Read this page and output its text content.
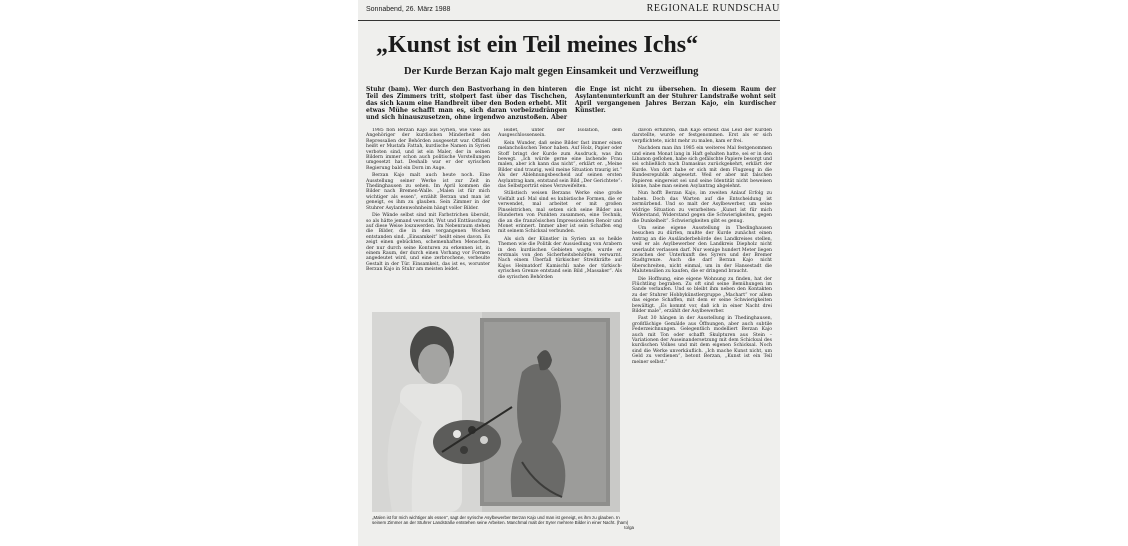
Sonnabend, 26. März 1988	REGIONALE RUNDSCHAU
„Kunst ist ein Teil meines Ichs“
Der Kurde Berzan Kajo malt gegen Einsamkeit und Verzweiflung
Stuhr (bam). Wer durch den Bastvorhang in den hinteren Teil des Zimmers tritt, stolpert fast über das Tischchen, das sich kaum eine Handbreit über den Boden erhebt. Mit etwas Mühe schafft man es, sich daran vorbeizudrängen und sich hinauszusetzen, ohne irgendwo anzustoßen. Aber die Enge ist nicht zu übersehen. In diesem Raum der Asylantenunterkunft an der Stuhrer Landstraße wohnt seit April vergangenen Jahres Berzan Kajo, ein kurdischer Künstler.

1985 floh Berzan Kajo aus Syrien, wie viele als Angehöriger der kurdischen Minderheit den Repressalien der Behörden ausgesetzt war. Offiziell heißt er Mustafa Fattah, kurdische Namen in Syrien verboten sind, und ist ein Maler, der in seinen Bildern immer schon auch politische Vorstellungen umgesetzt hat. Deshalb war er der syrischen Regierung bald ein Dorn im Auge.

Berzan Kajo malt auch heute noch. Eine Ausstellung seiner Werke ist zur Zeit in Thedinghausen zu sehen. Im April kommen die Bilder nach Bremen-Walle. „Malen ist für mich wichtiger als essen“, erzählt Berzan und man ist geneigt, es ihm zu glauben. Sein Zimmer in der Stuhrer Asylantenwohnheim hängt voller Bilder.

Die Wände selbst sind mit Farbstrichen übersät, so als hätte jemand versucht, Wut und Enttäuschung auf diese Weise loszuwerden. Im Nebenraum stehen die Bilder, die in den vergangenen Wochen entstanden sind. „Einsamkeit“ heißt eines davon. Es zeigt einen gebückten, schemenhaften Menschen, der nur durch seine Konturen zu erkennen ist, in einem Raum, der durch einen Vorhang vor Formen angedeutet wird, und eine zerbrochene, verbeulte Gestalt in der Tür. Einsamkeit, das ist es, worunter Berzan Kajo in Stuhr am meisten leidet.

leidet, unter der Isolation, dem Ausgeschlossensein.

Kein Wunder, daß seine Bilder fast immer einen melancholischen Tenor haben. Auf Holz, Papier oder Stoff bringt der Kurde zum Ausdruck, was ihn bewegt. „Ich würde gerne eine lachende Frau malen, aber ich kann das nicht“, erklärt er. „Meine Bilder sind traurig, weil meine Situation traurig ist.“ Als der Ablehnungsbescheid auf seinen ersten Asylantrag kam, entstand sein Bild „Der Gerichtete“: das Selbstporträt eines Verzweifelten.

Stilistisch weisen Berzans Werke eine große Vielfalt auf: Mal sind es kubistische Formen, die er verwendet, mal arbeitet er mit großen Pinselstrichen, mal setzen sich seine Bilder aus Hunderten von Punkten zusammen, eine Technik, die an die französischen Impressionisten Renoir und Monet erinnert. Immer aber ist sein Schaffen eng mit seinem Schicksal verbunden.

Als sich der Künstler in Syrien an so heikle Themen wie die Politik der Aussiedlung von Arabern in den kurdischen Gebieten wagte, wurde er erstmals von den Sicherheitsbehörden verwarnt. Nach einem Überfall türkischer Streitkräfte auf Kajos Heimatdorf Kamischli nahe der türkisch-syrischen Grenze entstand sein Bild „Massaker“. Als die syrischen Behörden

davon erfuhren, daß Kajo erneut das Leid der Kurden darstellte, wurde er festgenommen. Erst als er sich verpflichtete, nicht mehr zu malen, kam er frei.

Nachdem man ihn 1985 ein weiteres Mal festgenommen und einen Monat lang in Haft gehalten hatte, sei er in den Libanon geflohen, habe sich gefälschte Papiere besorgt und sei schließlich nach Damaskus zurückgekehrt, erklärt der Kurde. Von dort habe er sich mit dem Flugzeug in die Bundesrepublik abgesetzt. Weil er aber mit falschen Papieren eingereist sei und seine Identität nicht beweisen könne, habe man seinen Asylantrag abgelehnt.

Nun hofft Berzan Kajo, im zweiten Anlauf Erfolg zu haben. Doch das Warten auf die Entscheidung ist zermürbend. Und so malt der Asylbewerber, um seine widrige Situation zu verarbeiten: „Kunst ist für mich Widerstand, Widerstand gegen die Schwierigkeiten, gegen die Dunkelheit“. Schwierigkeiten gibt es genug.

Um seine eigene Ausstellung in Thedinghausen besuchen zu dürfen, mußte der Kurde zunächst einen Antrag an die Ausländerbehörde des Landkreises stellen, weil er als Asylbewerber den Landkreis Diepholz nicht unerlaubt verlassen darf. Nur wenige hundert Meter liegen zwischen der Unterkunft des Syrers und der Bremer Stadtgrenze. Auch die darf Berzan Kajo nicht überschreiten, nicht einmal, um in der Hansestadt die Malutensilien zu kaufen, die er dringend braucht.

Die Hoffnung, eine eigene Wohnung zu finden, hat der Flüchtling begraben. Zu oft sind seine Bemühungen im Sande verlaufen. Und so bleibt ihm neben den Kontakten zu der Stuhrer Hobbykünstlergruppe „Machart“ vor allem das eigene Schaffen, mit dem er seine Schwierigkeiten bewältigt. „Es kommt vor, daß ich in einer Nacht drei Bilder male“, erzählt der Asylbewerber.

Fast 30 hängen in der Ausstellung in Thedinghausen, großflächige Gemälde aus Öffnungen, aber auch subtile Federzeichnungen. Gelegentlich modelliert Berzan Kajo auch mit Ton oder schafft Skulpturen aus Stein – Variationen der Auseinandersetzung mit dem Schicksal des kurdischen Volkes und mit dem eigenen Schicksal. Noch sind die Werke unverkäuflich. „Ich mache Kunst nicht, um Geld zu verdienen“, betont Berzan, „Kunst ist ein Teil meiner selbst.“

„Malen ist für mich wichtiger als essen“, sagt der syrische Asylbewerber Berzan Kajo und man ist geneigt, es ihm zu glauben. In seinem Zimmer an der Stuhrer Landstraße entstehen seine Arbeiten. Manchmal malt der Syrer mehrere Bilder in einer Nacht. (ham)
to/ga
